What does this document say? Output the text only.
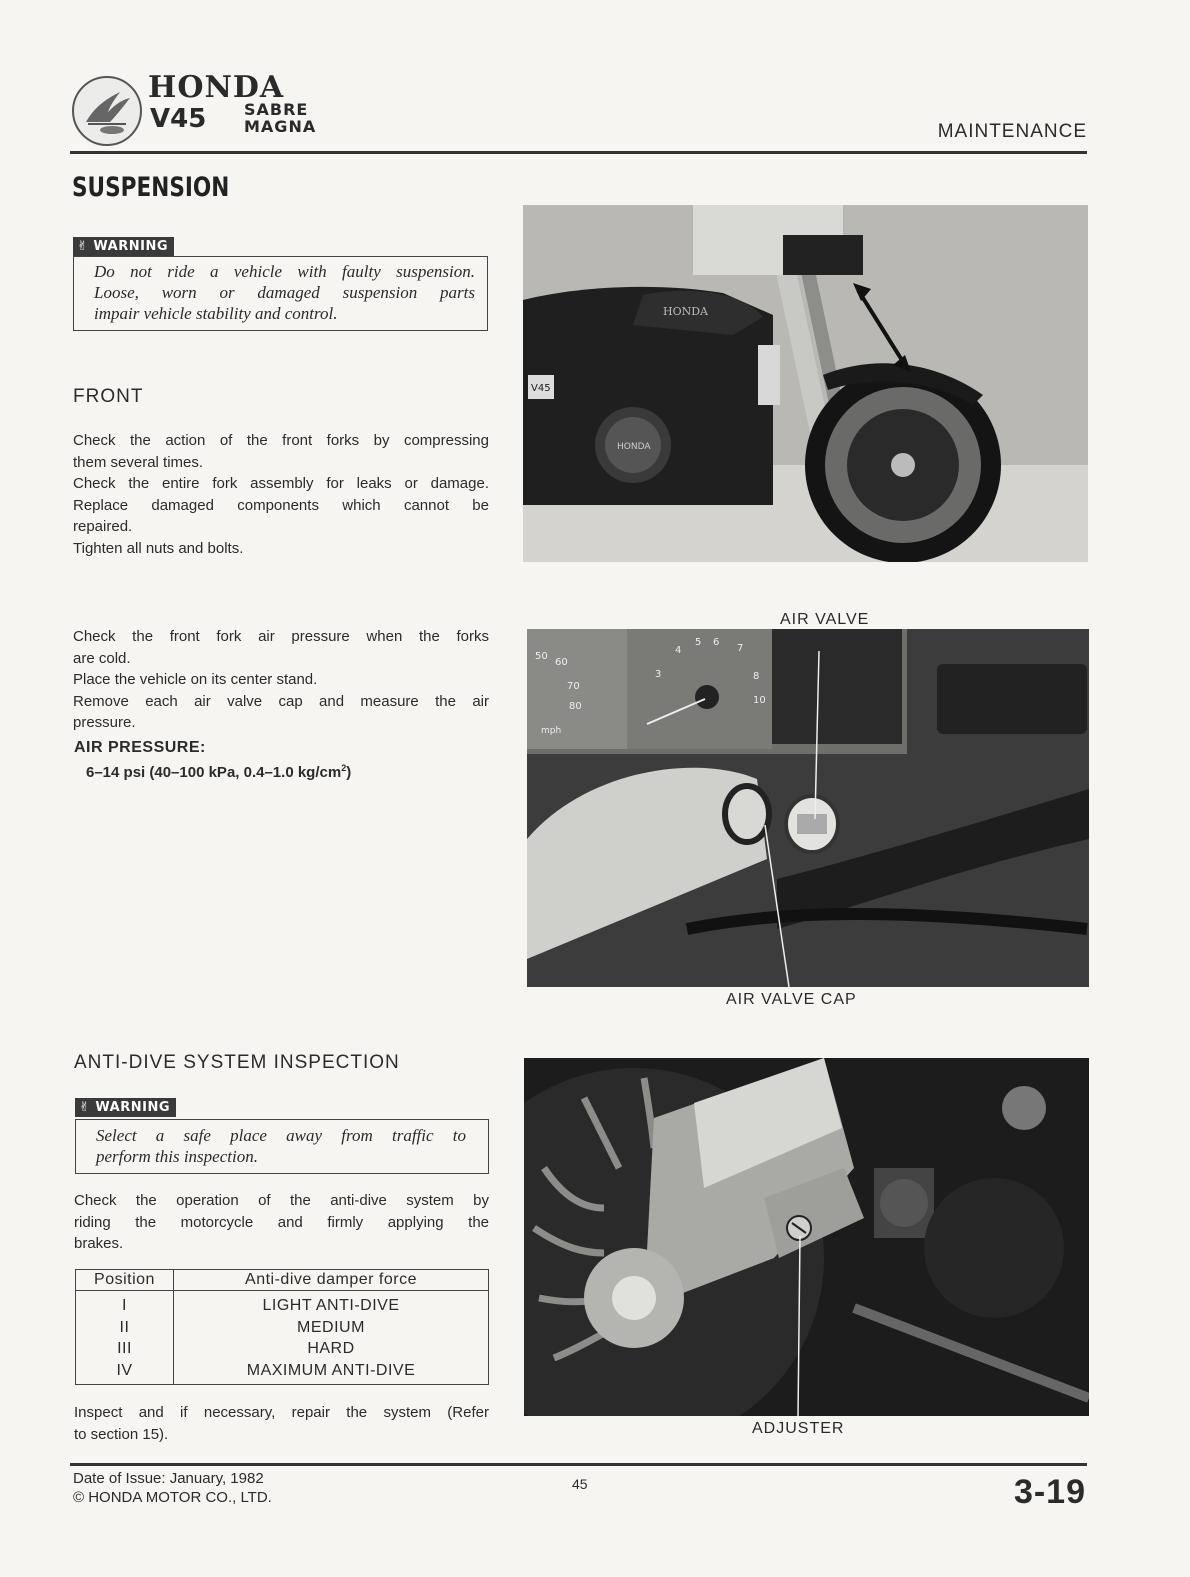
HONDA
V45 SABRE
MAGNA	MAINTENANCE
SUSPENSION
✌ WARNING
Do not ride a vehicle with faulty suspension.
Loose, worn or damaged suspension parts
impair vehicle stability and control.
FRONT
Check the action of the front forks by compressing
them several times.
Check the entire fork assembly for leaks or damage.
Replace damaged components which cannot be
repaired.
Tighten all nuts and bolts.
Check the front fork air pressure when the forks
are cold.
Place the vehicle on its center stand.
Remove each air valve cap and measure the air
pressure.
AIR PRESSURE:
6–14 psi (40–100 kPa, 0.4–1.0 $kg/cm^2$)
ANTI-DIVE SYSTEM INSPECTION
✌ WARNING
Select a safe place away from traffic to
perform this inspection.
Check the operation of the anti-dive system by
riding the motorcycle and firmly applying the
brakes.
Position	Anti-dive damper force
I	LIGHT ANTI-DIVE
II	MEDIUM
III	HARD
IV	MAXIMUM ANTI-DIVE
Inspect and if necessary, repair the system (Refer
to section 15).
HONDA
V45
HONDA
AIR VALVE
50
60
70
80
mph
3
4
5 6
7
8
10
AIR VALVE CAP
ADJUSTER
Date of Issue: January, 1982
© HONDA MOTOR CO., LTD.
45	3-19
